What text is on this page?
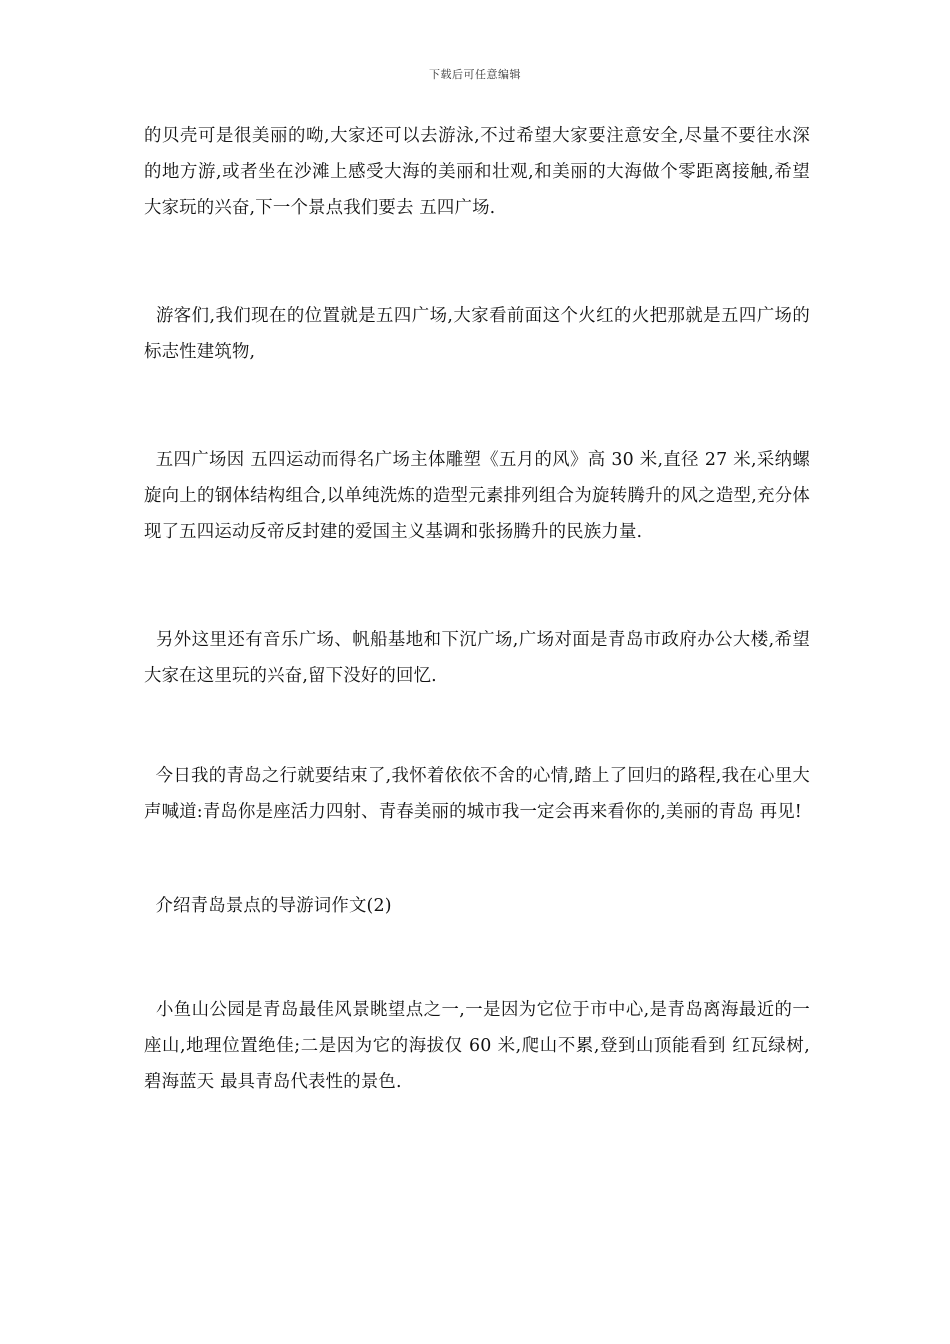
下载后可任意编辑

的贝壳可是很美丽的呦,大家还可以去游泳,不过希望大家要注意安全,尽量不要往水深的地方游,或者坐在沙滩上感受大海的美丽和壮观,和美丽的大海做个零距离接触,希望大家玩的兴奋,下一个景点我们要去 五四广场.

游客们,我们现在的位置就是五四广场,大家看前面这个火红的火把那就是五四广场的标志性建筑物,

五四广场因 五四运动而得名广场主体雕塑《五月的风》高 30 米,直径 27 米,采纳螺旋向上的钢体结构组合,以单纯洗炼的造型元素排列组合为旋转腾升的风之造型,充分体现了五四运动反帝反封建的爱国主义基调和张扬腾升的民族力量.

另外这里还有音乐广场、帆船基地和下沉广场,广场对面是青岛市政府办公大楼,希望大家在这里玩的兴奋,留下没好的回忆.

今日我的青岛之行就要结束了,我怀着依依不舍的心情,踏上了回归的路程,我在心里大声喊道:青岛你是座活力四射、青春美丽的城市我一定会再来看你的,美丽的青岛 再见!

介绍青岛景点的导游词作文(2)

小鱼山公园是青岛最佳风景眺望点之一,一是因为它位于市中心,是青岛离海最近的一座山,地理位置绝佳;二是因为它的海拔仅 60 米,爬山不累,登到山顶能看到 红瓦绿树,碧海蓝天 最具青岛代表性的景色.
